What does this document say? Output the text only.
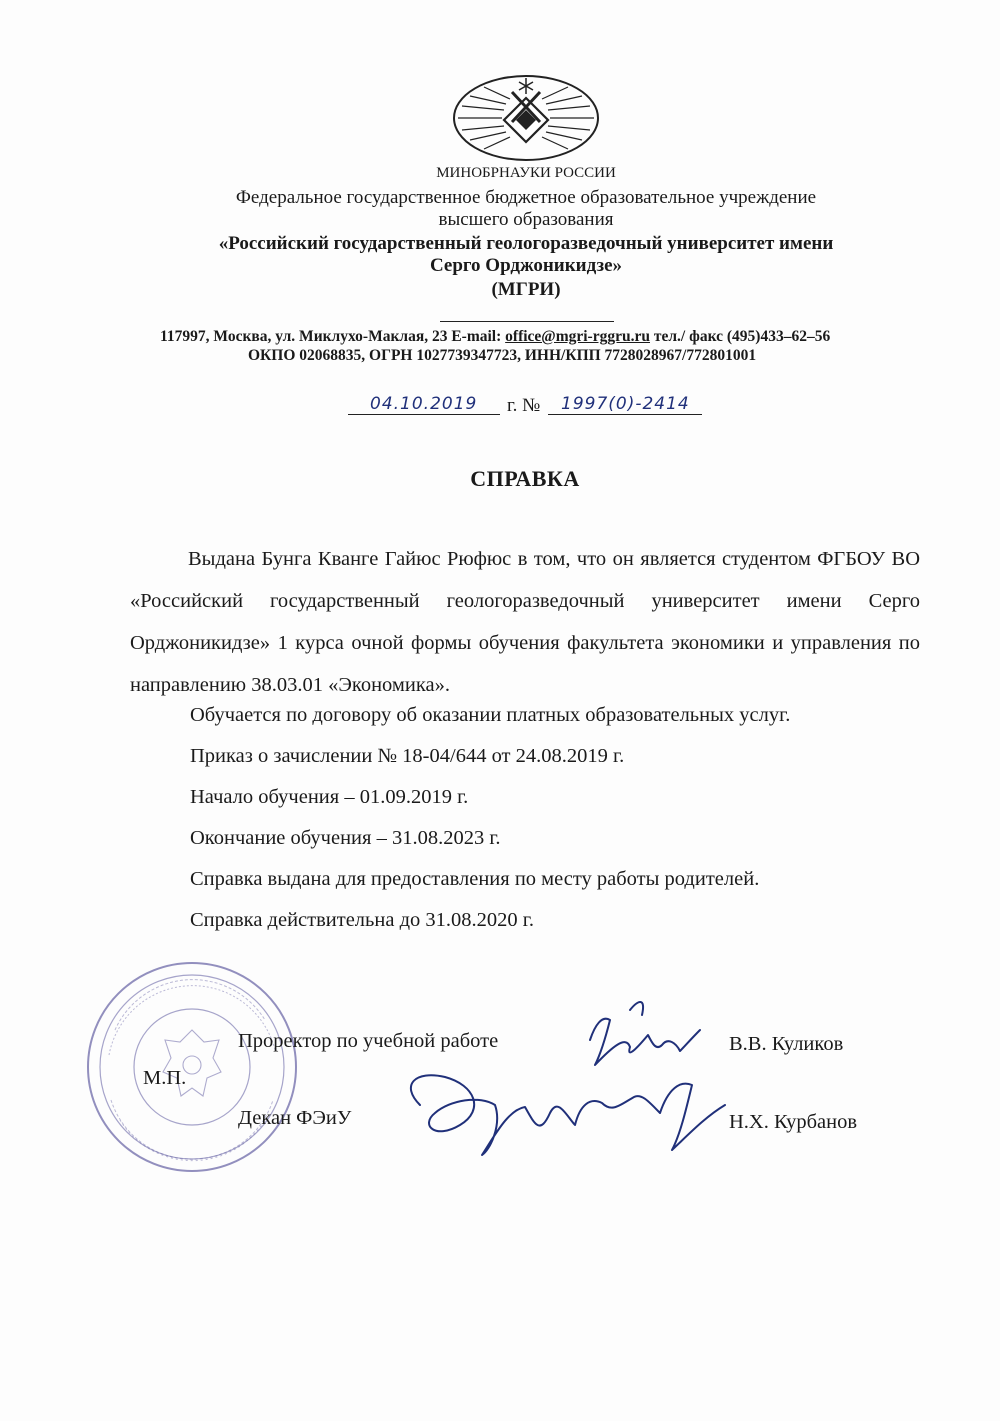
МИНОБРНАУКИ РОССИИ
Федеральное государственное бюджетное образовательное учреждение
высшего образования
«Российский государственный геологоразведочный университет имени
Серго Орджоникидзе»
(МГРИ)
117997, Москва, ул. Миклухо-Маклая, 23 E-mail: office@mgri-rggru.ru тел./ факс (495)433–62–56
ОКПО 02068835, ОГРН 1027739347723, ИНН/КПП 7728028967/772801001
04.10.2019 г. № 1997(0)-2414
СПРАВКА
Выдана Бунга Кванге Гайюс Рюфюс в том, что он является студентом ФГБОУ ВО «Российский государственный геологоразведочный университет имени Серго Орджоникидзе» 1 курса очной формы обучения факультета экономики и управления по направлению 38.03.01 «Экономика».
Обучается по договору об оказании платных образовательных услуг.
Приказ о зачислении № 18-04/644 от 24.08.2019 г.
Начало обучения – 01.09.2019 г.
Окончание обучения – 31.08.2023 г.
Справка выдана для предоставления по месту работы родителей.
Справка действительна до 31.08.2020 г.
Проректор по учебной работе	В.В. Куликов
М.П.
Декан ФЭиУ	Н.Х. Курбанов
